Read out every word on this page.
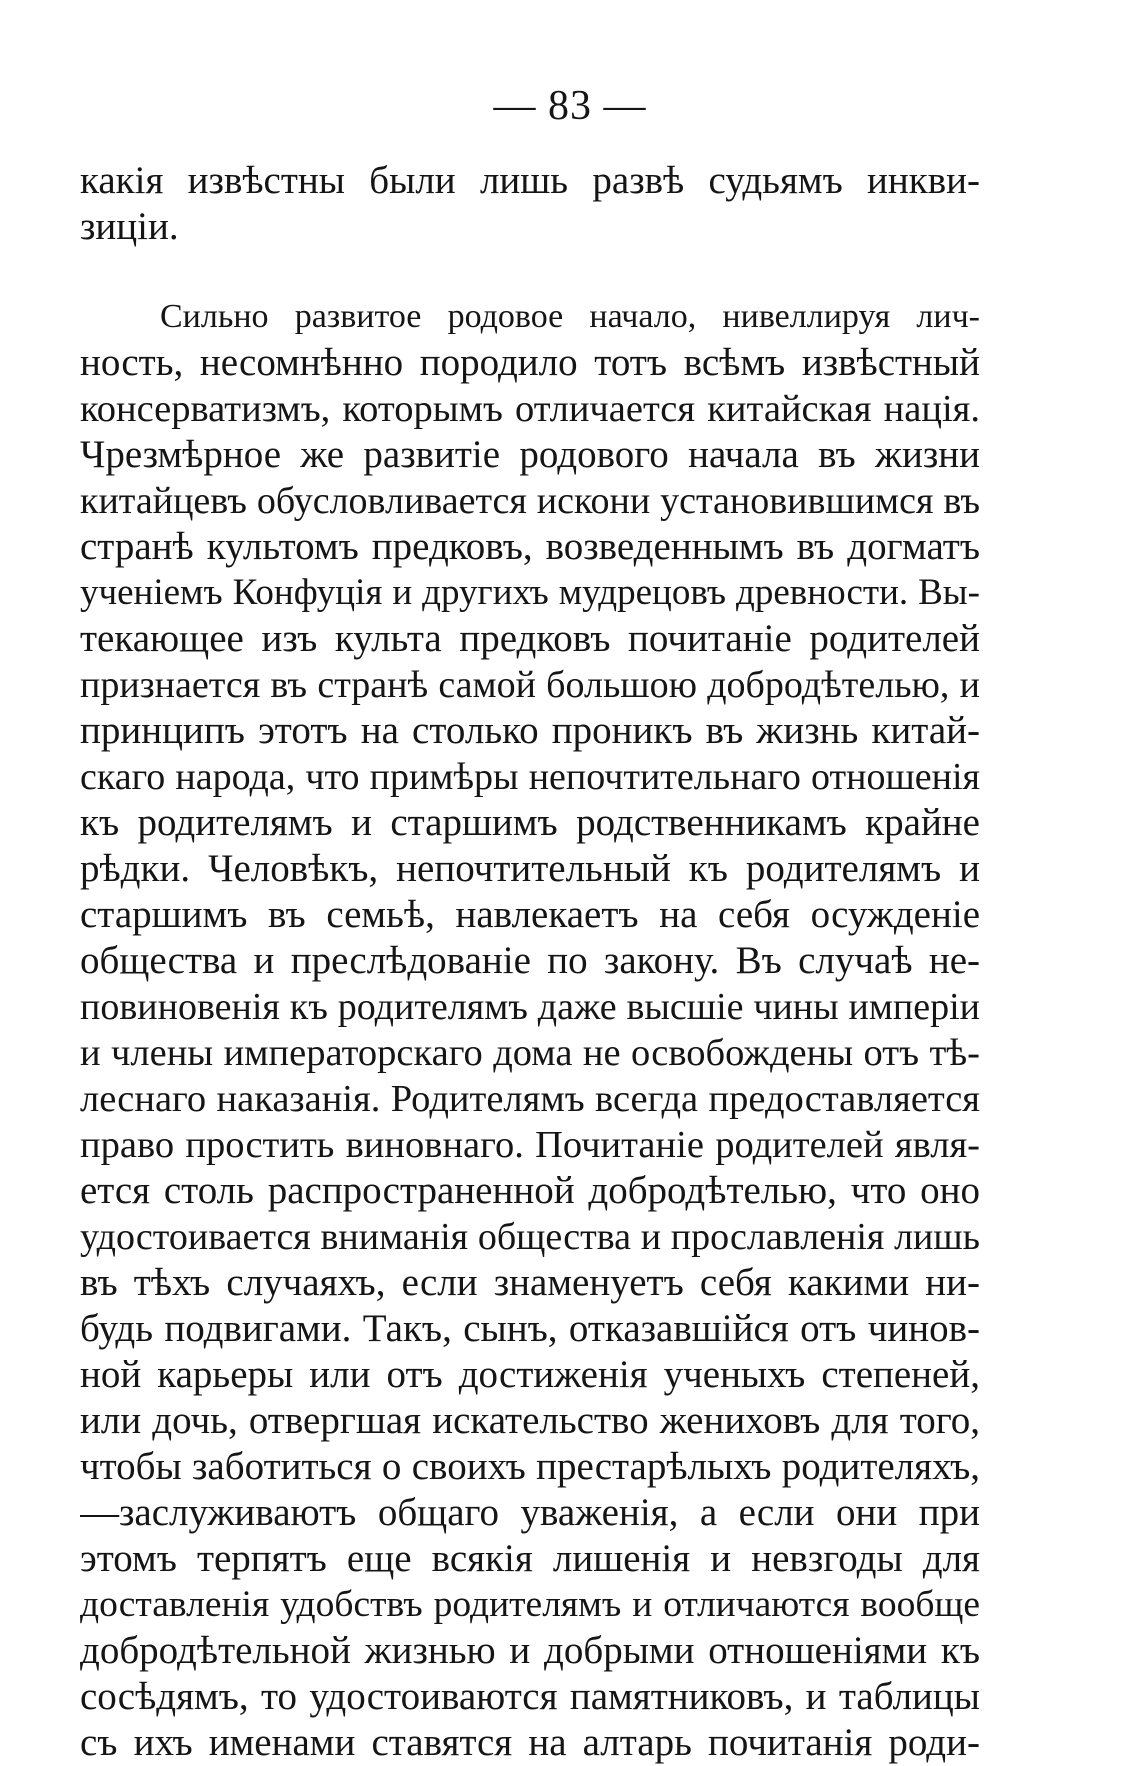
— 83 —
какія извѣстны были лишь развѣ судьямъ инкви-
зиціи.
Сильно развитое родовое начало, нивеллируя лич-
ность, несомнѣнно породило тотъ всѣмъ извѣстный
консерватизмъ, которымъ отличается китайская нація.
Чрезмѣрное же развитіе родового начала въ жизни
китайцевъ обусловливается искони установившимся въ
странѣ культомъ предковъ, возведеннымъ въ догматъ
ученіемъ Конфуція и другихъ мудрецовъ древности. Вы-
текающее изъ культа предковъ почитаніе родителей
признается въ странѣ самой большою добродѣтелью, и
принципъ этотъ на столько проникъ въ жизнь китай-
скаго народа, что примѣры непочтительнаго отношенія
къ родителямъ и старшимъ родственникамъ крайне
рѣдки. Человѣкъ, непочтительный къ родителямъ и
старшимъ въ семьѣ, навлекаетъ на себя осужденіе
общества и преслѣдованіе по закону. Въ случаѣ не-
повиновенія къ родителямъ даже высшіе чины имперіи
и члены императорскаго дома не освобождены отъ тѣ-
леснаго наказанія. Родителямъ всегда предоставляется
право простить виновнаго. Почитаніе родителей явля-
ется столь распространенной добродѣтелью, что оно
удостоивается вниманія общества и прославленія лишь
въ тѣхъ случаяхъ, если знаменуетъ себя какими ни-
будь подвигами. Такъ, сынъ, отказавшійся отъ чинов-
ной карьеры или отъ достиженія ученыхъ степеней,
или дочь, отвергшая искательство жениховъ для того,
чтобы заботиться о своихъ престарѣлыхъ родителяхъ,
—заслуживаютъ общаго уваженія, а если они при
этомъ терпятъ еще всякія лишенія и невзгоды для
доставленія удобствъ родителямъ и отличаются вообще
добродѣтельной жизнью и добрыми отношеніями къ
сосѣдямъ, то удостоиваются памятниковъ, и таблицы
съ ихъ именами ставятся на алтарь почитанія роди-
